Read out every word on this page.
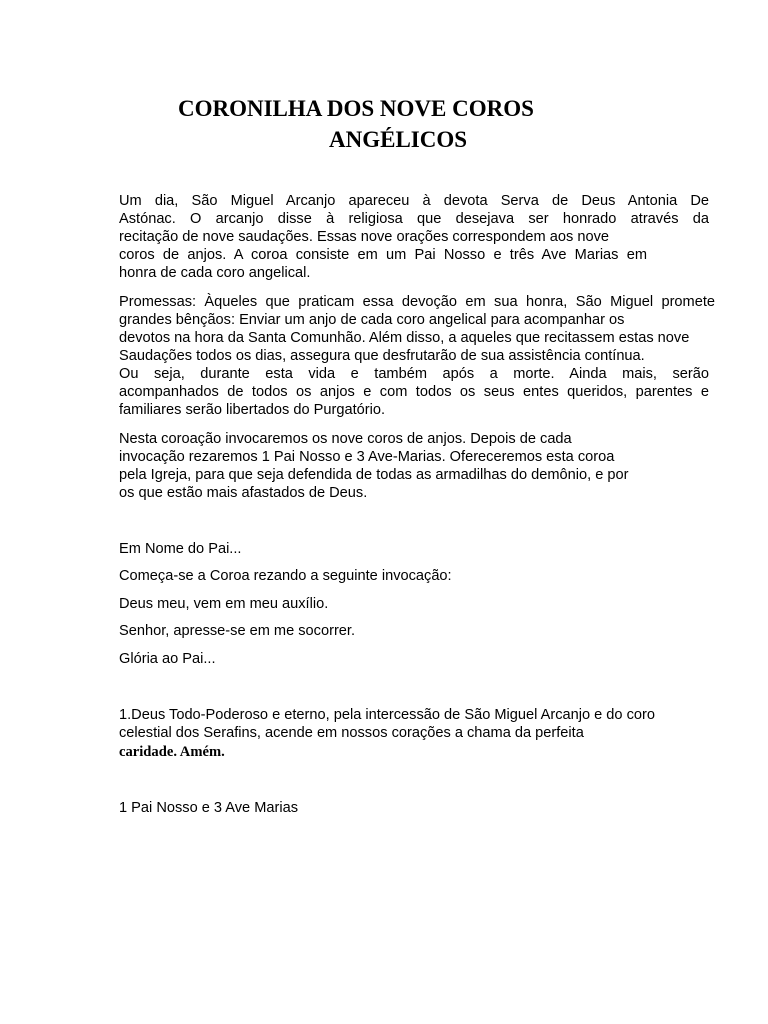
CORONILHA DOS NOVE COROS
ANGÉLICOS

Um dia, São Miguel Arcanjo apareceu à devota Serva de Deus Antonia De

Astónac. O arcanjo disse à religiosa que desejava ser honrado através da

recitação de nove saudações. Essas nove orações correspondem aos nove

coros de anjos. A coroa consiste em um Pai Nosso e três Ave Marias em

honra de cada coro angelical.

Promessas: Àqueles que praticam essa devoção em sua honra, São Miguel promete

grandes bênçãos: Enviar um anjo de cada coro angelical para acompanhar os

devotos na hora da Santa Comunhão. Além disso, a aqueles que recitassem estas nove

Saudações todos os dias, assegura que desfrutarão de sua assistência contínua.

Ou seja, durante esta vida e também após a morte. Ainda mais, serão

acompanhados de todos os anjos e com todos os seus entes queridos, parentes e

familiares serão libertados do Purgatório.

Nesta coroação invocaremos os nove coros de anjos. Depois de cada

invocação rezaremos 1 Pai Nosso e 3 Ave-Marias. Ofereceremos esta coroa

pela Igreja, para que seja defendida de todas as armadilhas do demônio, e por

os que estão mais afastados de Deus.

Em Nome do Pai...

Começa-se a Coroa rezando a seguinte invocação:

Deus meu, vem em meu auxílio.

Senhor, apresse-se em me socorrer.

Glória ao Pai...

1.Deus Todo-Poderoso e eterno, pela intercessão de São Miguel Arcanjo e do coro

celestial dos Serafins, acende em nossos corações a chama da perfeita

caridade. Amém.

1 Pai Nosso e 3 Ave Marias
